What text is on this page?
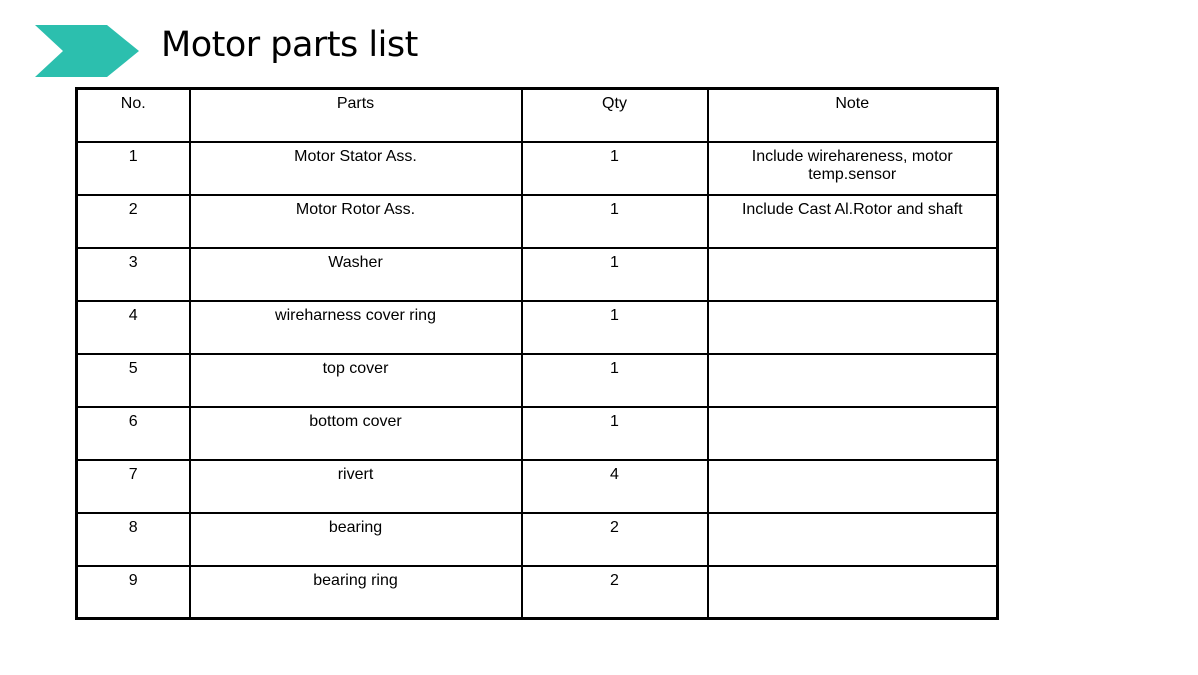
Motor parts list
No.	Parts	Qty	Note
1	Motor Stator Ass.	1	Include wirehareness, motor temp.sensor
2	Motor Rotor Ass.	1	Include Cast Al.Rotor and shaft
3	Washer	1	
4	wireharness cover ring	1	
5	top cover	1	
6	bottom cover	1	
7	rivert	4	
8	bearing	2	
9	bearing ring	2	
